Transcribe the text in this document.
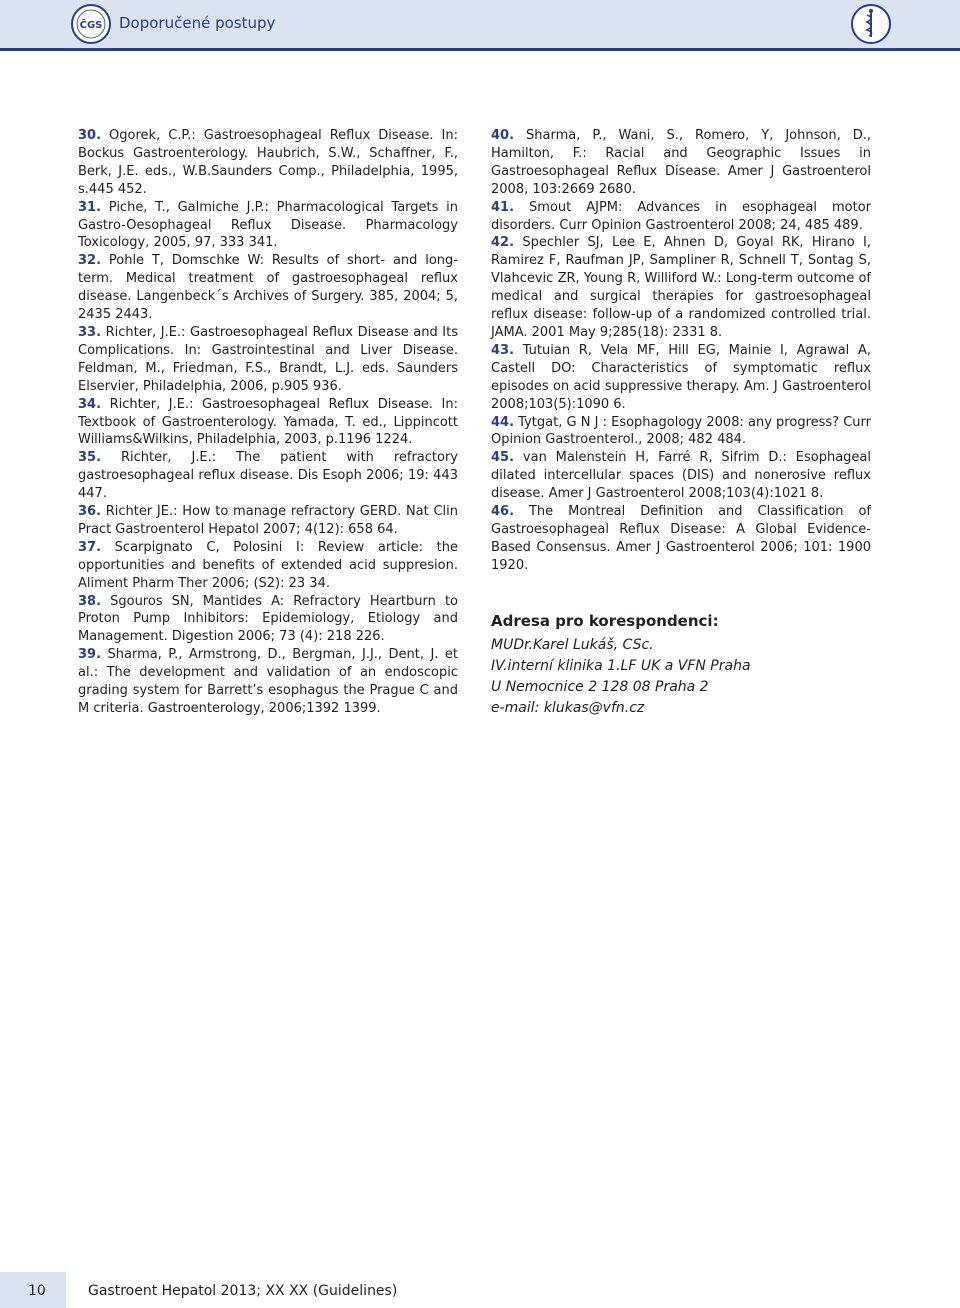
ČGS Doporučené postupy

30. Ogorek, C.P.: Gastroesophageal Reflux Disease. In: Bockus Gastroenterology. Haubrich, S.W., Schaffner, F., Berk, J.E. eds., W.B.Saunders Comp., Philadelphia, 1995, s.445 452.

31. Piche, T., Galmiche J.P.: Pharmacological Targets in Gastro-Oesophageal Reflux Disease. Pharmacology Toxicology, 2005, 97, 333 341.

32. Pohle T, Domschke W: Results of short- and long-term. Medical treatment of gastroesophageal reflux disease. Langenbeck´s Archives of Surgery. 385, 2004; 5, 2435 2443.

33. Richter, J.E.: Gastroesophageal Reflux Disease and Its Complications. In: Gastrointestinal and Liver Disease. Feldman, M., Friedman, F.S., Brandt, L.J. eds. Saunders Elservier, Philadelphia, 2006, p.905 936.

34. Richter, J.E.: Gastroesophageal Reflux Disease. In: Textbook of Gastroenterology. Yamada, T. ed., Lippincott Williams&Wilkins, Philadelphia, 2003, p.1196 1224.

35. Richter, J.E.: The patient with refractory gastroesophageal reflux disease. Dis Esoph 2006; 19: 443 447.

36. Richter JE.: How to manage refractory GERD. Nat Clin Pract Gastroenterol Hepatol 2007; 4(12): 658 64.

37. Scarpignato C, Polosini I: Review article: the opportunities and benefits of extended acid suppresion. Aliment Pharm Ther 2006; (S2): 23 34.

38. Sgouros SN, Mantides A: Refractory Heartburn to Proton Pump Inhibitors: Epidemiology, Etiology and Management. Digestion 2006; 73 (4): 218 226.

39. Sharma, P., Armstrong, D., Bergman, J.J., Dent, J. et al.: The development and validation of an endoscopic grading system for Barrett’s esophagus the Prague C and M criteria. Gastroenterology, 2006;1392 1399.

40. Sharma, P., Wani, S., Romero, Y, Johnson, D., Hamilton, F.: Racial and Geographic Issues in Gastroesophageal Reflux Disease. Amer J Gastroenterol 2008, 103:2669 2680.

41. Smout AJPM: Advances in esophageal motor disorders. Curr Opinion Gastroenterol 2008; 24, 485 489.

42. Spechler SJ, Lee E, Ahnen D, Goyal RK, Hirano I, Ramirez F, Raufman JP, Sampliner R, Schnell T, Sontag S, Vlahcevic ZR, Young R, Williford W.: Long-term outcome of medical and surgical therapies for gastroesophageal reflux disease: follow-up of a randomized controlled trial. JAMA. 2001 May 9;285(18): 2331 8.

43. Tutuian R, Vela MF, Hill EG, Mainie I, Agrawal A, Castell DO: Characteristics of symptomatic reflux episodes on acid suppressive therapy. Am. J Gastroenterol 2008;103(5):1090 6.

44. Tytgat, G N J : Esophagology 2008: any progress? Curr Opinion Gastroenterol., 2008; 482 484.

45. van Malenstein H, Farré R, Sifrim D.: Esophageal dilated intercellular spaces (DIS) and nonerosive reflux disease. Amer J Gastroenterol 2008;103(4):1021 8.

46. The Montreal Definition and Classification of Gastroesophageal Reflux Disease: A Global Evidence-Based Consensus. Amer J Gastroenterol 2006; 101: 1900 1920.

Adresa pro korespondenci:

MUDr.Karel Lukáš, CSc.

IV.interní klinika 1.LF UK a VFN Praha

U Nemocnice 2 128 08 Praha 2

e-mail: klukas@vfn.cz

10	Gastroent Hepatol 2013; XX XX (Guidelines)
